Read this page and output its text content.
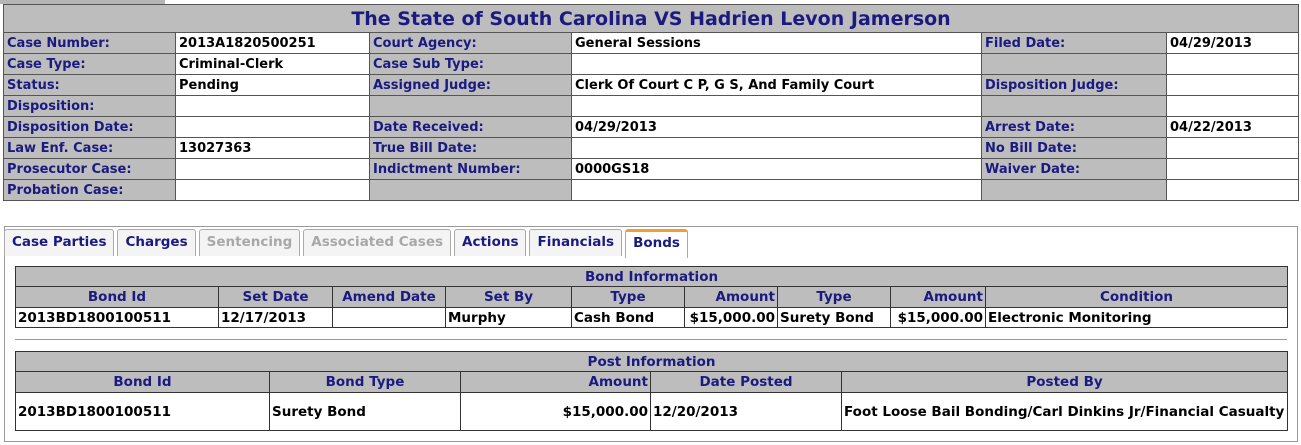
The State of South Carolina VS Hadrien Levon Jamerson					
Case Number:	2013A1820500251	Court Agency:	General Sessions	Filed Date:	04/29/2013
Case Type:	Criminal-Clerk	Case Sub Type:			
Status:	Pending	Assigned Judge:	Clerk Of Court C P, G S, And Family Court	Disposition Judge:	
Disposition:					
Disposition Date:		Date Received:	04/29/2013	Arrest Date:	04/22/2013
Law Enf. Case:	13027363	True Bill Date:		No Bill Date:	
Prosecutor Case:		Indictment Number:	0000GS18	Waiver Date:	
Probation Case:					
Case Parties	Charges	Sentencing	Associated Cases	Actions	Financials	Bonds
Bond Information								
Bond Id	Set Date	Amend Date	Set By	Type	Amount	Type	Amount	Condition
2013BD1800100511	12/17/2013		Murphy	Cash Bond	$15,000.00	Surety Bond	$15,000.00	Electronic Monitoring
Post Information				
Bond Id	Bond Type	Amount	Date Posted	Posted By
2013BD1800100511	Surety Bond	$15,000.00	12/20/2013	Foot Loose Bail Bonding/Carl Dinkins Jr/Financial Casualty
